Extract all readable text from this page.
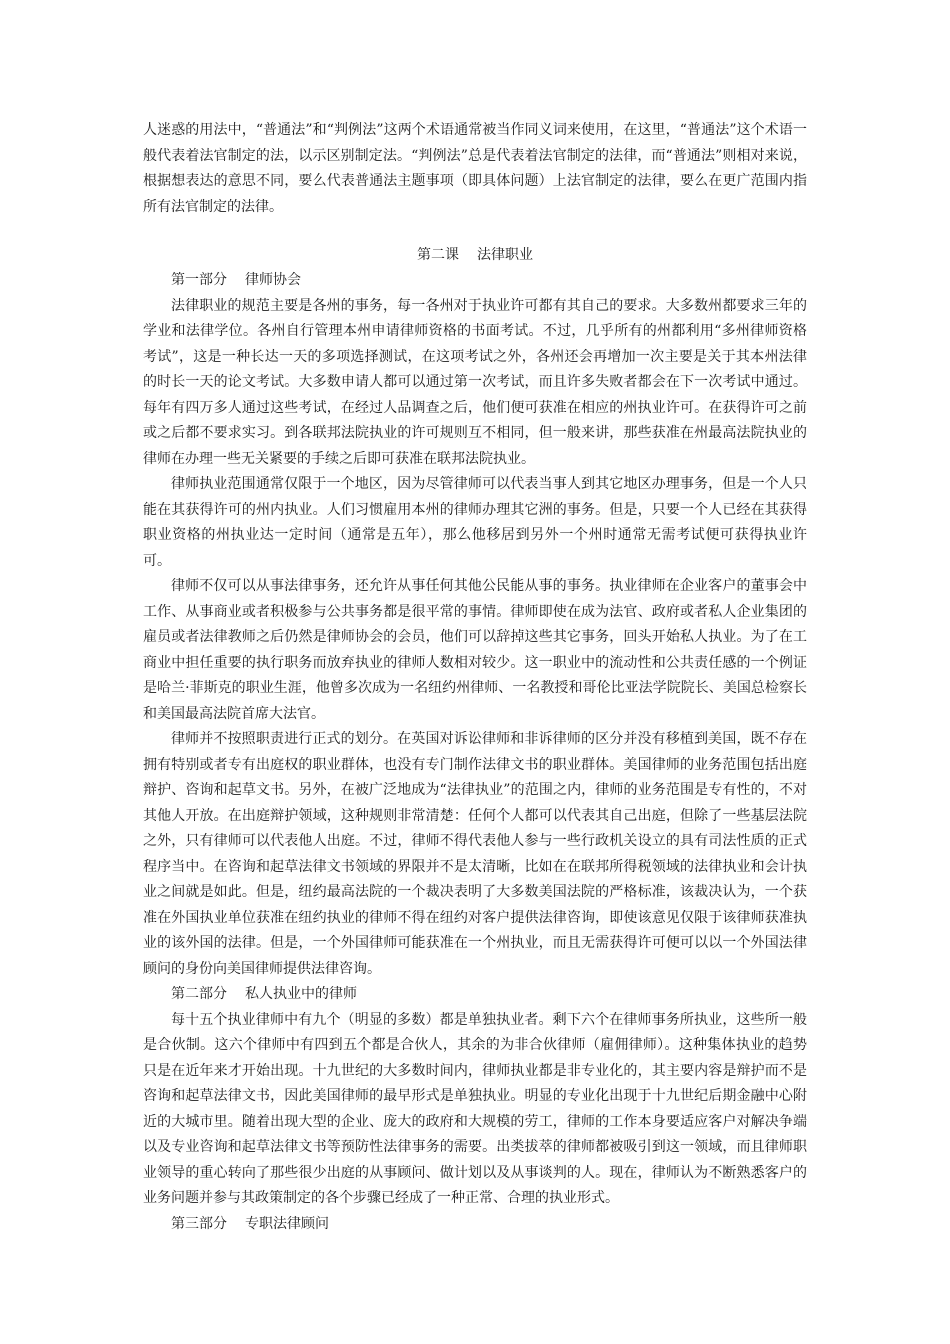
人迷惑的用法中，“普通法”和“判例法”这两个术语通常被当作同义词来使用，在这里，“普通法”这个术语一般代表着法官制定的法，以示区别制定法。“判例法”总是代表着法官制定的法律，而“普通法”则相对来说，根据想表达的意思不同，要么代表普通法主题事项（即具体问题）上法官制定的法律，要么在更广范围内指所有法官制定的法律。

第二课 法律职业

第一部分 律师协会

法律职业的规范主要是各州的事务，每一各州对于执业许可都有其自己的要求。大多数州都要求三年的学业和法律学位。各州自行管理本州申请律师资格的书面考试。不过，几乎所有的州都利用“多州律师资格考试”，这是一种长达一天的多项选择测试，在这项考试之外，各州还会再增加一次主要是关于其本州法律的时长一天的论文考试。大多数申请人都可以通过第一次考试，而且许多失败者都会在下一次考试中通过。每年有四万多人通过这些考试，在经过人品调查之后，他们便可获准在相应的州执业许可。在获得许可之前或之后都不要求实习。到各联邦法院执业的许可规则互不相同，但一般来讲，那些获准在州最高法院执业的律师在办理一些无关紧要的手续之后即可获准在联邦法院执业。

律师执业范围通常仅限于一个地区，因为尽管律师可以代表当事人到其它地区办理事务，但是一个人只能在其获得许可的州内执业。人们习惯雇用本州的律师办理其它洲的事务。但是，只要一个人已经在其获得职业资格的州执业达一定时间（通常是五年），那么他移居到另外一个州时通常无需考试便可获得执业许可。

律师不仅可以从事法律事务，还允许从事任何其他公民能从事的事务。执业律师在企业客户的董事会中工作、从事商业或者积极参与公共事务都是很平常的事情。律师即使在成为法官、政府或者私人企业集团的雇员或者法律教师之后仍然是律师协会的会员，他们可以辞掉这些其它事务，回头开始私人执业。为了在工商业中担任重要的执行职务而放弃执业的律师人数相对较少。这一职业中的流动性和公共责任感的一个例证是哈兰·菲斯克的职业生涯，他曾多次成为一名纽约州律师、一名教授和哥伦比亚法学院院长、美国总检察长和美国最高法院首席大法官。

律师并不按照职责进行正式的划分。在英国对诉讼律师和非诉律师的区分并没有移植到美国，既不存在拥有特别或者专有出庭权的职业群体，也没有专门制作法律文书的职业群体。美国律师的业务范围包括出庭辩护、咨询和起草文书。另外，在被广泛地成为“法律执业”的范围之内，律师的业务范围是专有性的，不对其他人开放。在出庭辩护领域，这种规则非常清楚：任何个人都可以代表其自己出庭，但除了一些基层法院之外，只有律师可以代表他人出庭。不过，律师不得代表他人参与一些行政机关设立的具有司法性质的正式程序当中。在咨询和起草法律文书领域的界限并不是太清晰，比如在在联邦所得税领域的法律执业和会计执业之间就是如此。但是，纽约最高法院的一个裁决表明了大多数美国法院的严格标准，该裁决认为，一个获准在外国执业单位获准在纽约执业的律师不得在纽约对客户提供法律咨询，即使该意见仅限于该律师获准执业的该外国的法律。但是，一个外国律师可能获准在一个州执业，而且无需获得许可便可以以一个外国法律顾问的身份向美国律师提供法律咨询。

第二部分 私人执业中的律师

每十五个执业律师中有九个（明显的多数）都是单独执业者。剩下六个在律师事务所执业，这些所一般是合伙制。这六个律师中有四到五个都是合伙人，其余的为非合伙律师（雇佣律师）。这种集体执业的趋势只是在近年来才开始出现。十九世纪的大多数时间内，律师执业都是非专业化的，其主要内容是辩护而不是咨询和起草法律文书，因此美国律师的最早形式是单独执业。明显的专业化出现于十九世纪后期金融中心附近的大城市里。随着出现大型的企业、庞大的政府和大规模的劳工，律师的工作本身要适应客户对解决争端以及专业咨询和起草法律文书等预防性法律事务的需要。出类拔萃的律师都被吸引到这一领域，而且律师职业领导的重心转向了那些很少出庭的从事顾问、做计划以及从事谈判的人。现在，律师认为不断熟悉客户的业务问题并参与其政策制定的各个步骤已经成了一种正常、合理的执业形式。

第三部分 专职法律顾问
